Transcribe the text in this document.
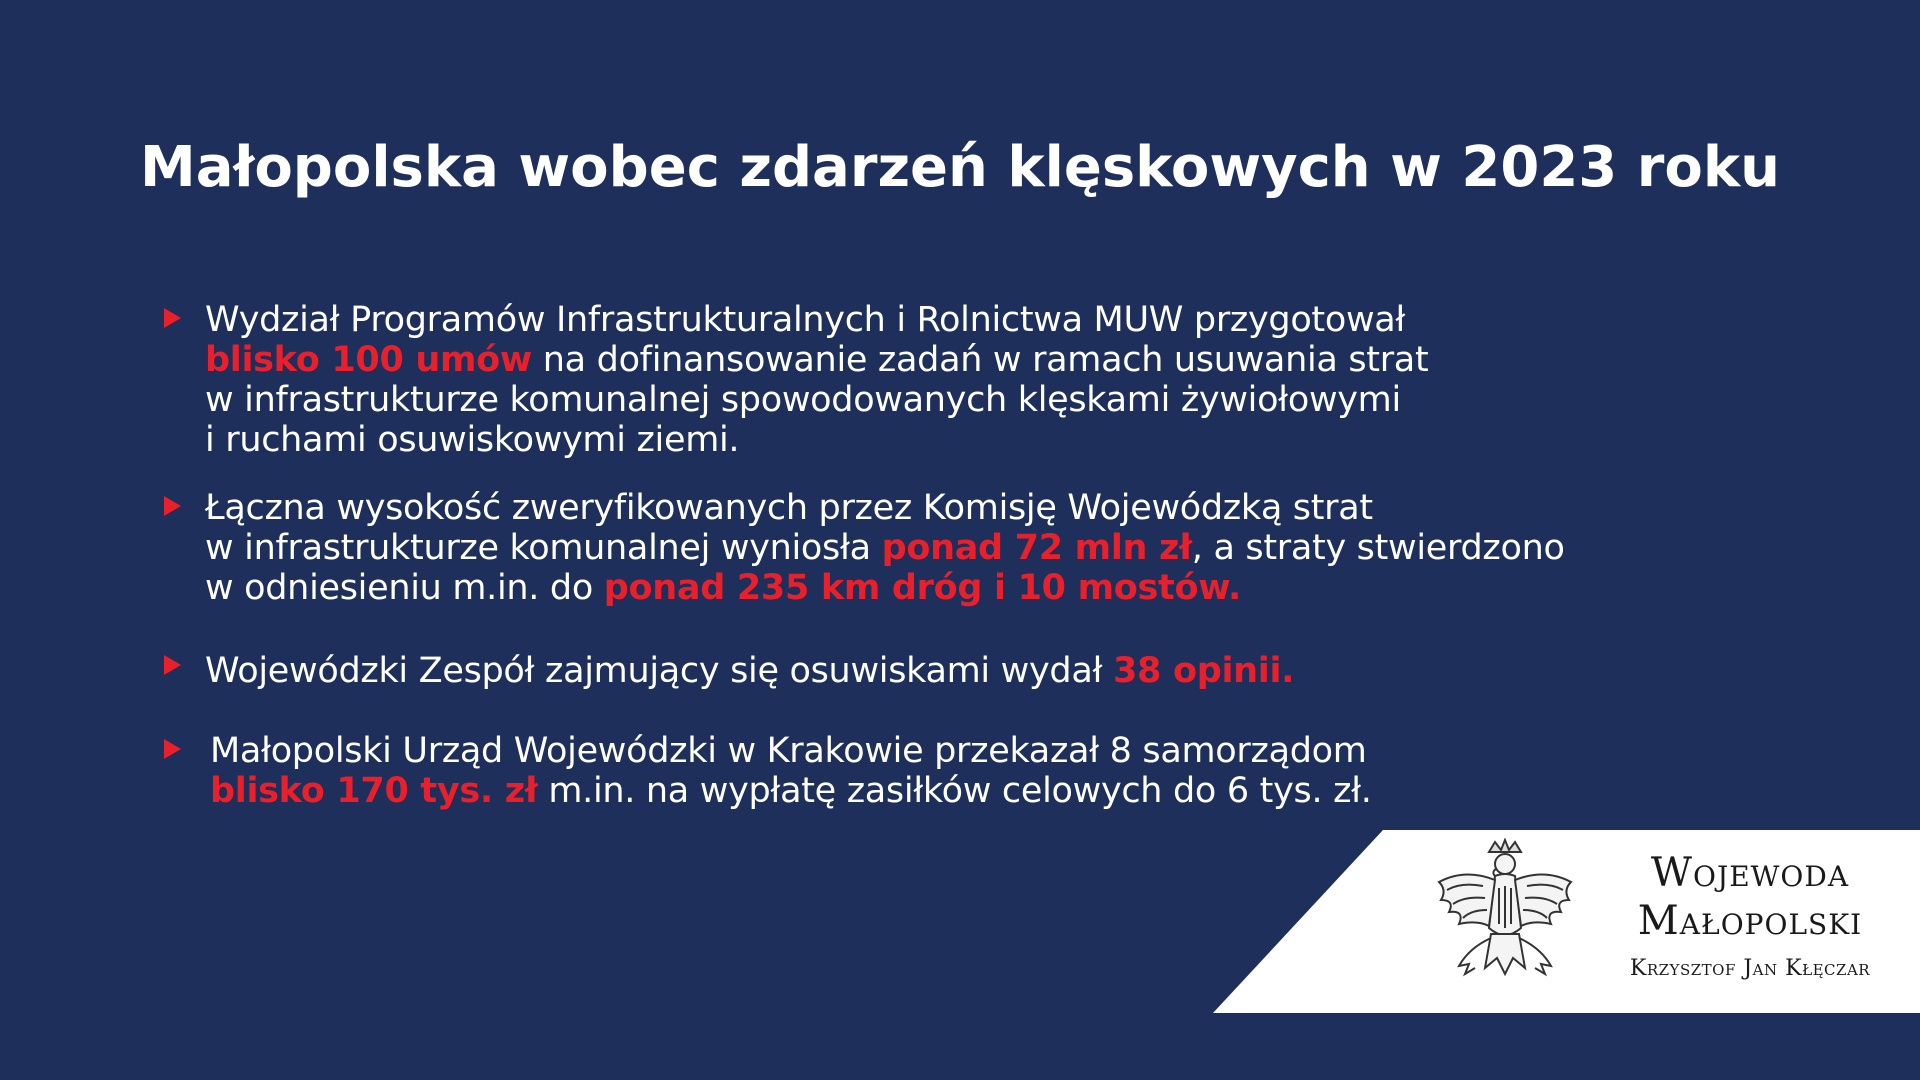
Małopolska wobec zdarzeń klęskowych w 2023 roku
Wydział Programów Infrastrukturalnych i Rolnictwa MUW przygotował
blisko 100 umów na dofinansowanie zadań w ramach usuwania strat
w infrastrukturze komunalnej spowodowanych klęskami żywiołowymi
i ruchami osuwiskowymi ziemi.
Łączna wysokość zweryfikowanych przez Komisję Wojewódzką strat
w infrastrukturze komunalnej wyniosła ponad 72 mln zł, a straty stwierdzono
w odniesieniu m.in. do ponad 235 km dróg i 10 mostów.
Wojewódzki Zespół zajmujący się osuwiskami wydał 38 opinii.
Małopolski Urząd Wojewódzki w Krakowie przekazał 8 samorządom
blisko 170 tys. zł m.in. na wypłatę zasiłków celowych do 6 tys. zł.
Wojewoda
Małopolski
Krzysztof Jan Kłęczar
